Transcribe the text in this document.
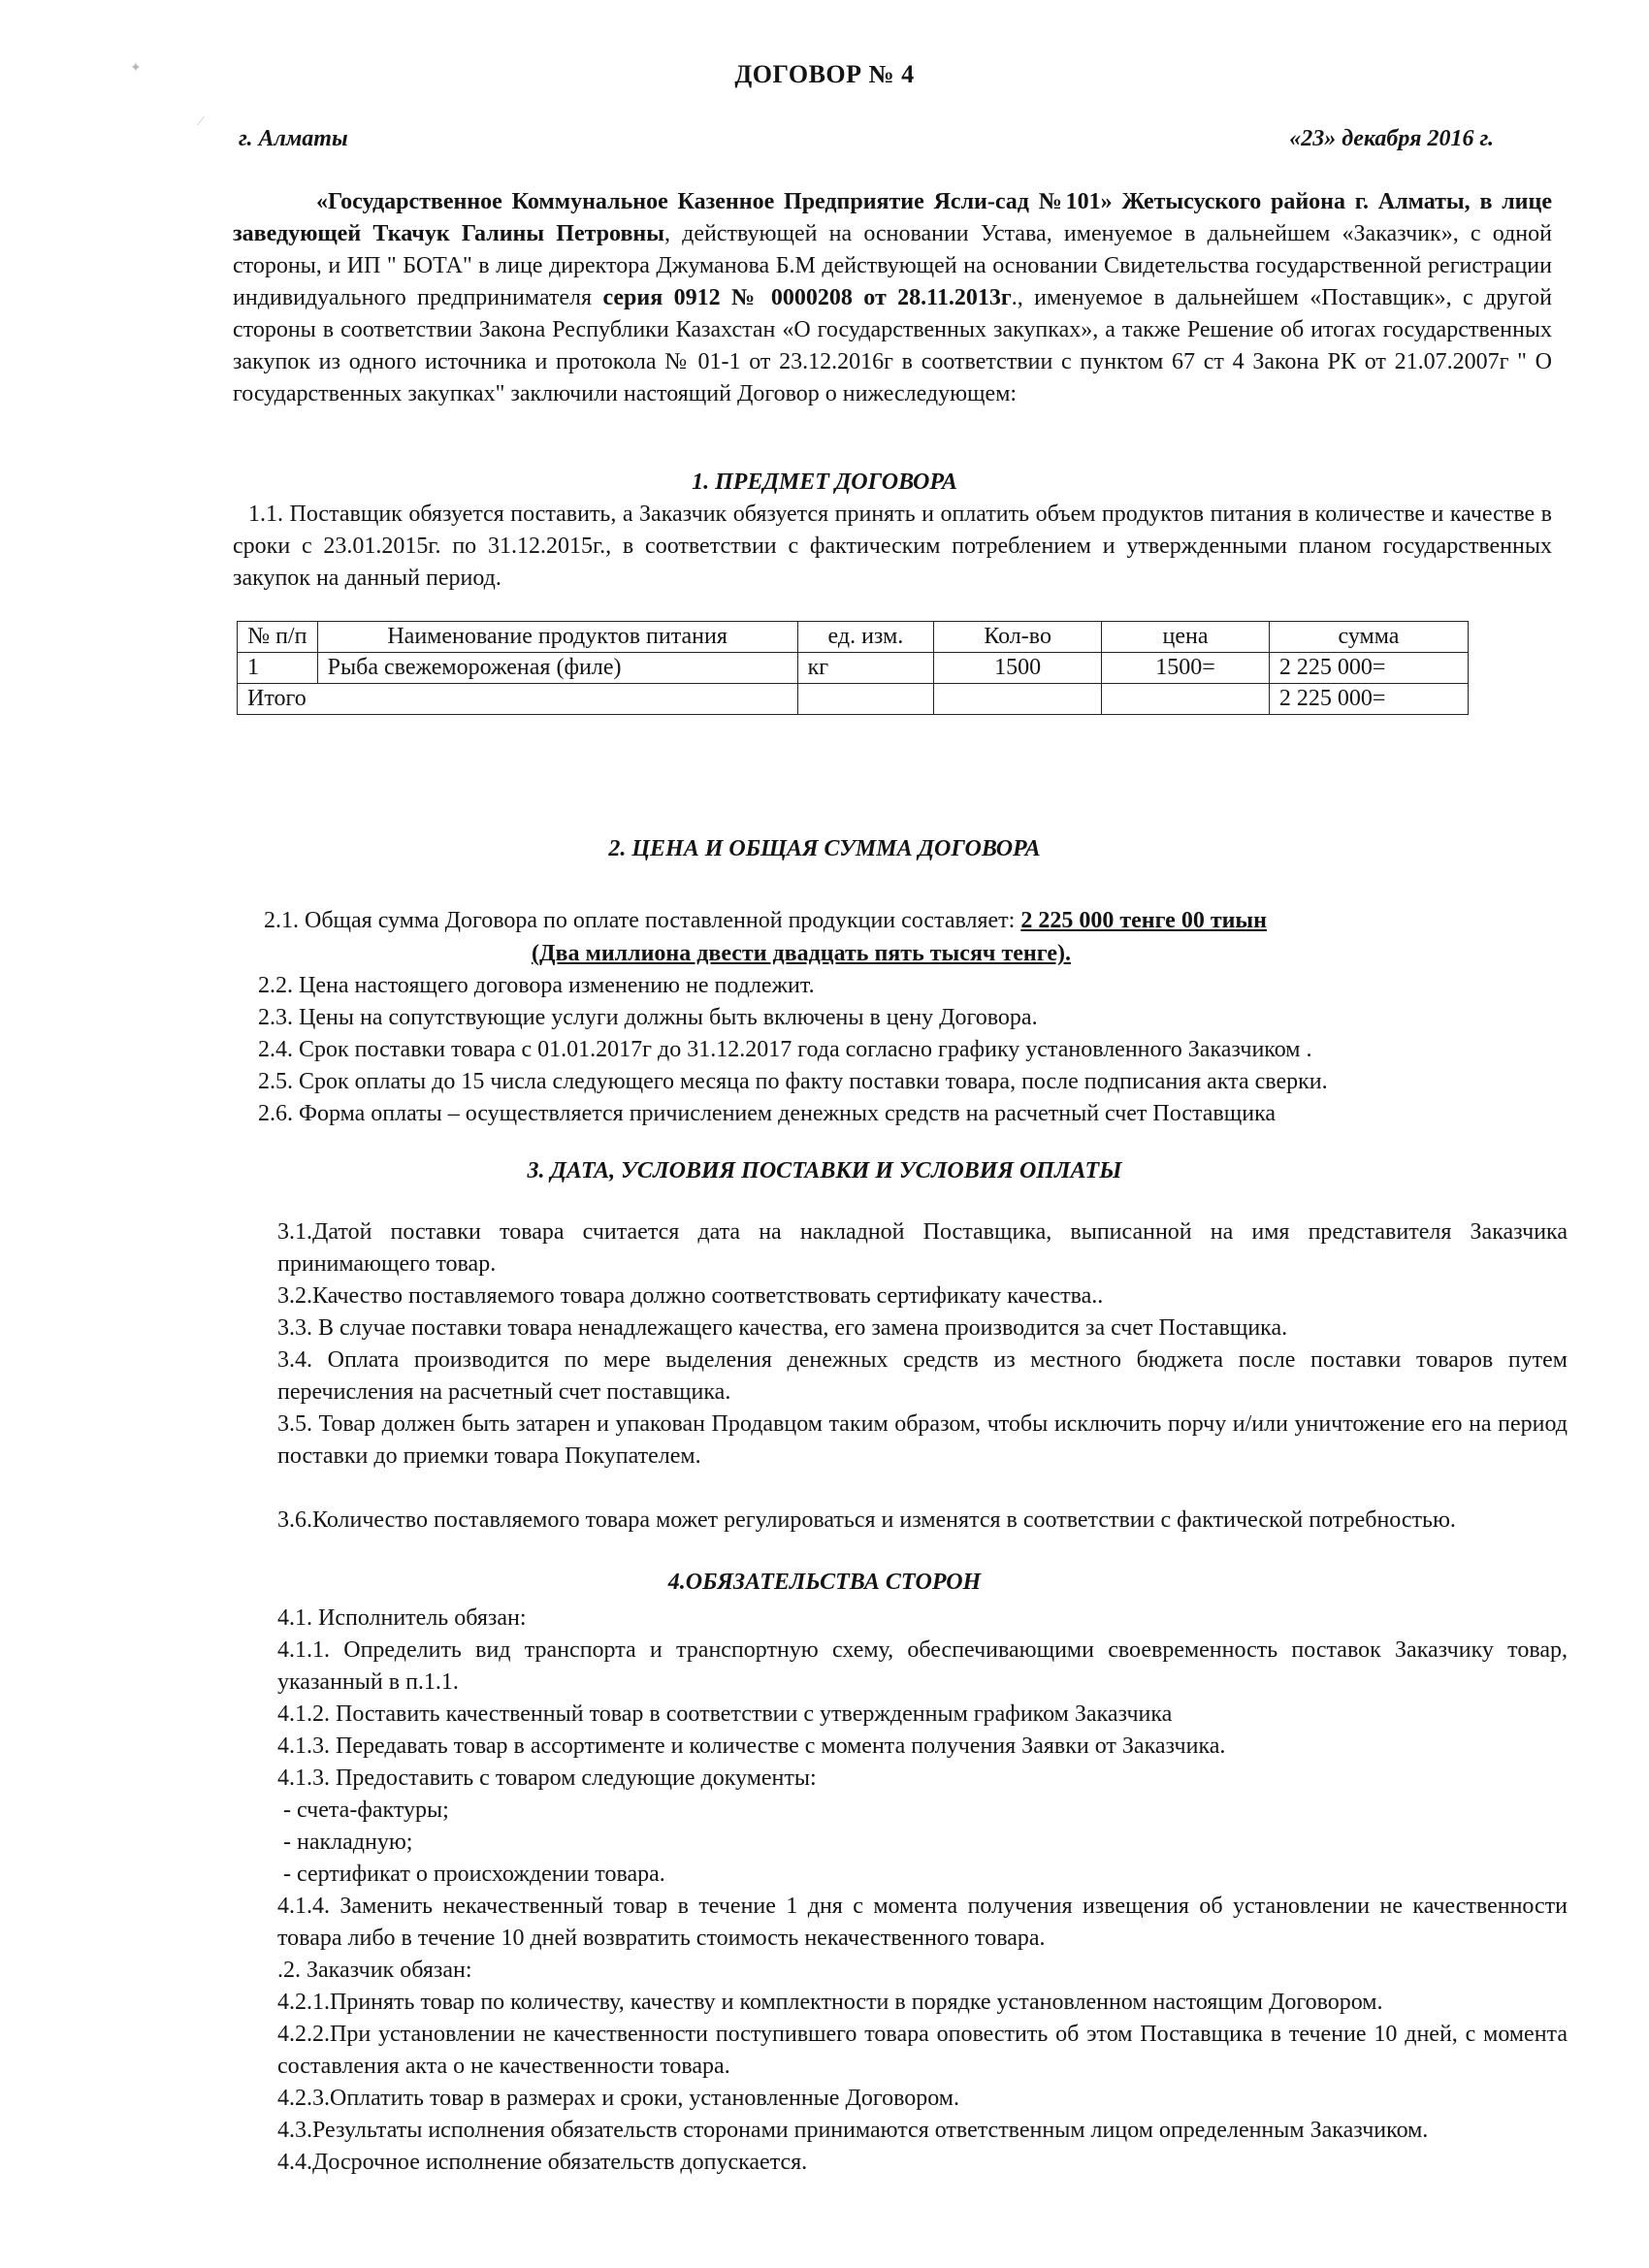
✦
⁄
ДОГОВОР № 4
г. Алматы	«23» декабря 2016 г.

«Государственное Коммунальное Казенное Предприятие Ясли-сад №101» Жетысуского района г. Алматы, в лице заведующей Ткачук Галины Петровны, действующей на основании Устава, именуемое в дальнейшем «Заказчик», с одной стороны, и ИП " БОТА" в лице директора Джуманова Б.М действующей на основании Свидетельства государственной регистрации индивидуального предпринимателя серия 0912 № 0000208 от 28.11.2013г., именуемое в дальнейшем «Поставщик», с другой стороны в соответствии Закона Республики Казахстан «О государственных закупках», а также Решение об итогах государственных закупок из одного источника и протокола № 01-1 от 23.12.2016г в соответствии с пунктом 67 ст 4 Закона РК от 21.07.2007г " О государственных закупках" заключили настоящий Договор о нижеследующем:

1. ПРЕДМЕТ ДОГОВОРА

1.1. Поставщик обязуется поставить, а Заказчик обязуется принять и оплатить объем продуктов питания в количестве и качестве в сроки с 23.01.2015г. по 31.12.2015г., в соответствии с фактическим потреблением и утвержденными планом государственных закупок на данный период.

№ п/п	Наименование продуктов питания	ед. изм.	Кол-во	цена	сумма
1	Рыба свежемороженая (филе)	кг	1500	1500=	2 225 000=
Итого					2 225 000=
2. ЦЕНА И ОБЩАЯ СУММА ДОГОВОРА
2.1. Общая сумма Договора по оплате поставленной продукции составляет: 2 225 000 тенге 00 тиын
(Два миллиона двести двадцать пять тысяч тенге).

2.2. Цена настоящего договора изменению не подлежит.

2.3. Цены на сопутствующие услуги должны быть включены в цену Договора.

2.4. Срок поставки товара с 01.01.2017г до 31.12.2017 года согласно графику установленного Заказчиком .

2.5. Срок оплаты до 15 числа следующего месяца по факту поставки товара, после подписания акта сверки.

2.6. Форма оплаты – осуществляется причислением денежных средств на расчетный счет Поставщика

3. ДАТА, УСЛОВИЯ ПОСТАВКИ И УСЛОВИЯ ОПЛАТЫ

3.1.Датой поставки товара считается дата на накладной Поставщика, выписанной на имя представителя Заказчика принимающего товар.

3.2.Качество поставляемого товара должно соответствовать сертификату качества..

3.3. В случае поставки товара ненадлежащего качества, его замена производится за счет Поставщика.

3.4. Оплата производится по мере выделения денежных средств из местного бюджета после поставки товаров путем перечисления на расчетный счет поставщика.

3.5. Товар должен быть затарен и упакован Продавцом таким образом, чтобы исключить порчу и/или уничтожение его на период поставки до приемки товара Покупателем.

3.6.Количество поставляемого товара может регулироваться и изменятся в соответствии с фактической потребностью.

4.ОБЯЗАТЕЛЬСТВА СТОРОН

4.1. Исполнитель обязан:

4.1.1. Определить вид транспорта и транспортную схему, обеспечивающими своевременность поставок Заказчику товар, указанный в п.1.1.

4.1.2. Поставить качественный товар в соответствии с утвержденным графиком Заказчика

4.1.3. Передавать товар в ассортименте и количестве с момента получения Заявки от Заказчика.

4.1.3. Предоставить с товаром следующие документы:

- счета-фактуры;

- накладную;

- сертификат о происхождении товара.

4.1.4. Заменить некачественный товар в течение 1 дня с момента получения извещения об установлении не качественности товара либо в течение 10 дней возвратить стоимость некачественного товара.

.2. Заказчик обязан:

4.2.1.Принять товар по количеству, качеству и комплектности в порядке установленном настоящим Договором.

4.2.2.При установлении не качественности поступившего товара оповестить об этом Поставщика в течение 10 дней, с момента составления акта о не качественности товара.

4.2.3.Оплатить товар в размерах и сроки, установленные Договором.

4.3.Результаты исполнения обязательств сторонами принимаются ответственным лицом определенным Заказчиком.

4.4.Досрочное исполнение обязательств допускается.
